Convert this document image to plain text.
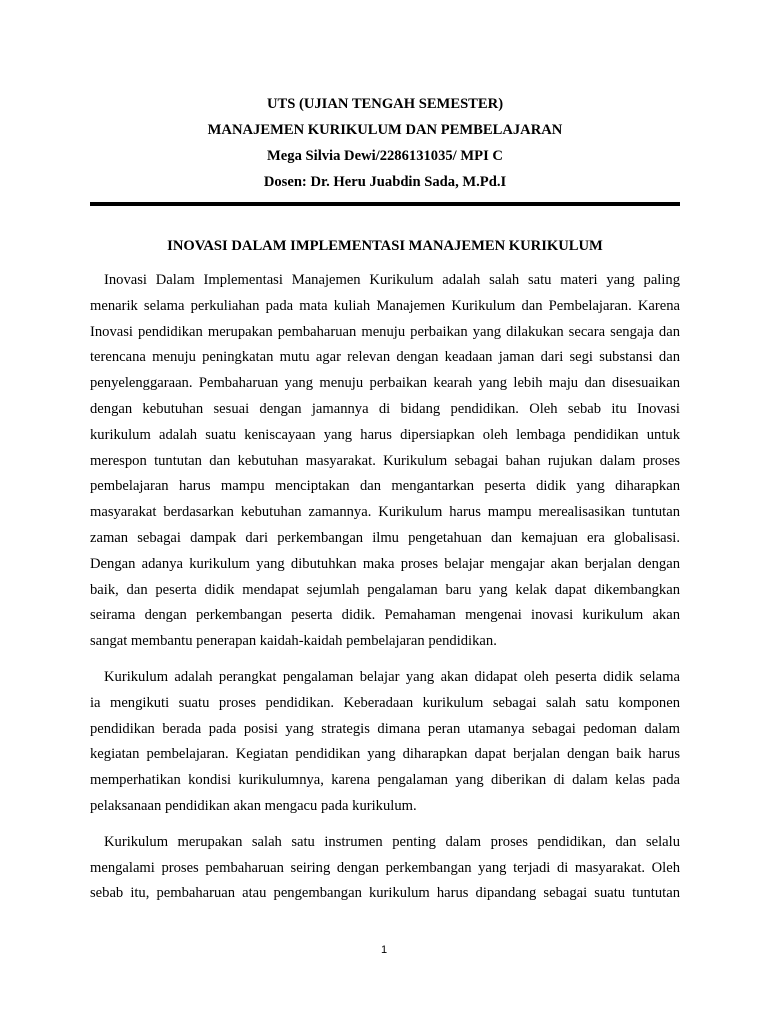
UTS (UJIAN TENGAH SEMESTER)
MANAJEMEN KURIKULUM DAN PEMBELAJARAN
Mega Silvia Dewi/2286131035/ MPI C
Dosen: Dr. Heru Juabdin Sada, M.Pd.I
INOVASI DALAM IMPLEMENTASI MANAJEMEN KURIKULUM
Inovasi Dalam Implementasi Manajemen Kurikulum adalah salah satu materi yang paling
menarik selama perkuliahan pada mata kuliah Manajemen Kurikulum dan Pembelajaran. Karena
Inovasi pendidikan merupakan pembaharuan menuju perbaikan yang dilakukan secara sengaja dan
terencana menuju peningkatan mutu agar relevan dengan keadaan jaman dari segi substansi dan
penyelenggaraan. Pembaharuan yang menuju perbaikan kearah yang lebih maju dan disesuaikan
dengan kebutuhan sesuai dengan jamannya di bidang pendidikan. Oleh sebab itu Inovasi
kurikulum adalah suatu keniscayaan yang harus dipersiapkan oleh lembaga pendidikan untuk
merespon tuntutan dan kebutuhan masyarakat. Kurikulum sebagai bahan rujukan dalam proses
pembelajaran harus mampu menciptakan dan mengantarkan peserta didik yang diharapkan
masyarakat berdasarkan kebutuhan zamannya. Kurikulum harus mampu merealisasikan tuntutan
zaman sebagai dampak dari perkembangan ilmu pengetahuan dan kemajuan era globalisasi.
Dengan adanya kurikulum yang dibutuhkan maka proses belajar mengajar akan berjalan dengan
baik, dan peserta didik mendapat sejumlah pengalaman baru yang kelak dapat dikembangkan
seirama dengan perkembangan peserta didik. Pemahaman mengenai inovasi kurikulum akan
sangat membantu penerapan kaidah-kaidah pembelajaran pendidikan.
Kurikulum adalah perangkat pengalaman belajar yang akan didapat oleh peserta didik selama
ia mengikuti suatu proses pendidikan. Keberadaan kurikulum sebagai salah satu komponen
pendidikan berada pada posisi yang strategis dimana peran utamanya sebagai pedoman dalam
kegiatan pembelajaran. Kegiatan pendidikan yang diharapkan dapat berjalan dengan baik harus
memperhatikan kondisi kurikulumnya, karena pengalaman yang diberikan di dalam kelas pada
pelaksanaan pendidikan akan mengacu pada kurikulum.
Kurikulum merupakan salah satu instrumen penting dalam proses pendidikan, dan selalu
mengalami proses pembaharuan seiring dengan perkembangan yang terjadi di masyarakat. Oleh
sebab itu, pembaharuan atau pengembangan kurikulum harus dipandang sebagai suatu tuntutan
1
